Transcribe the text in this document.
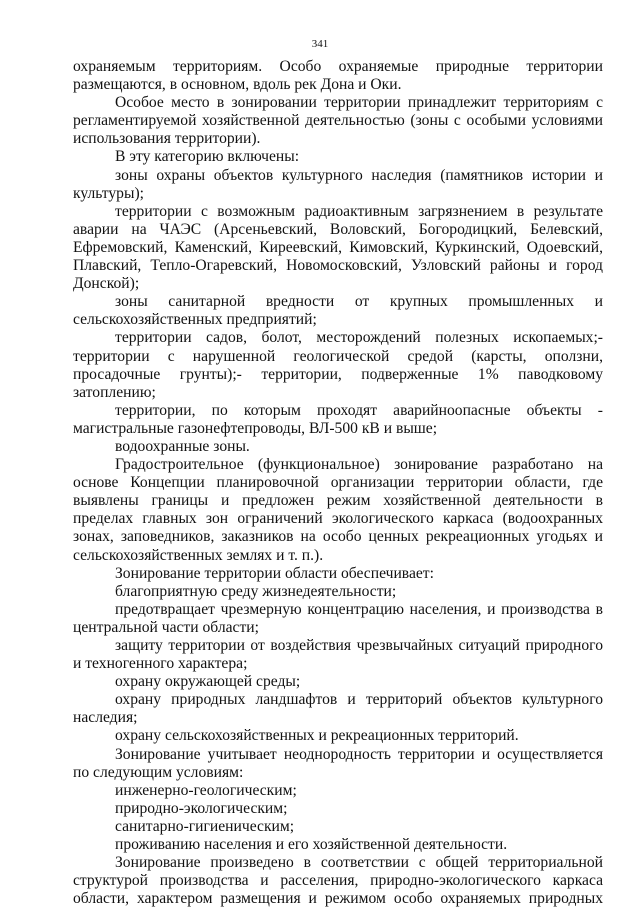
341

охраняемым территориям. Особо охраняемые природные территории размещаются, в основном, вдоль рек Дона и Оки.

Особое место в зонировании территории принадлежит территориям с регламентируемой хозяйственной деятельностью (зоны с особыми условиями использования территории).

В эту категорию включены:

зоны охраны объектов культурного наследия (памятников истории и культуры);

территории с возможным радиоактивным загрязнением в результате аварии на ЧАЭС (Арсеньевский, Воловский, Богородицкий, Белевский, Ефремовский, Каменский, Киреевский, Кимовский, Куркинский, Одоевский, Плавский, Тепло-Огаревский, Новомосковский, Узловский районы и город Донской);

зоны санитарной вредности от крупных промышленных и сельскохозяйственных предприятий;

территории садов, болот, месторождений полезных ископаемых;- территории с нарушенной геологической средой (карсты, оползни, просадочные грунты);- территории, подверженные 1% паводковому затоплению;

территории, по которым проходят аварийноопасные объекты - магистральные газонефтепроводы, ВЛ-500 кВ и выше;

водоохранные зоны.

Градостроительное (функциональное) зонирование разработано на основе Концепции планировочной организации территории области, где выявлены границы и предложен режим хозяйственной деятельности в пределах главных зон ограничений экологического каркаса (водоохранных зонах, заповедников, заказников на особо ценных рекреационных угодьях и сельскохозяйственных землях и т. п.).

Зонирование территории области обеспечивает:

благоприятную среду жизнедеятельности;

предотвращает чрезмерную концентрацию населения, и производства в центральной части области;

защиту территории от воздействия чрезвычайных ситуаций природного и техногенного характера;

охрану окружающей среды;

охрану природных ландшафтов и территорий объектов культурного наследия;

охрану сельскохозяйственных и рекреационных территорий.

Зонирование учитывает неоднородность территории и осуществляется по следующим условиям:

инженерно-геологическим;

природно-экологическим;

санитарно-гигиеническим;

проживанию населения и его хозяйственной деятельности.

Зонирование произведено в соответствии с общей территориальной структурой производства и расселения, природно-экологического каркаса области, характером размещения и режимом особо охраняемых природных
